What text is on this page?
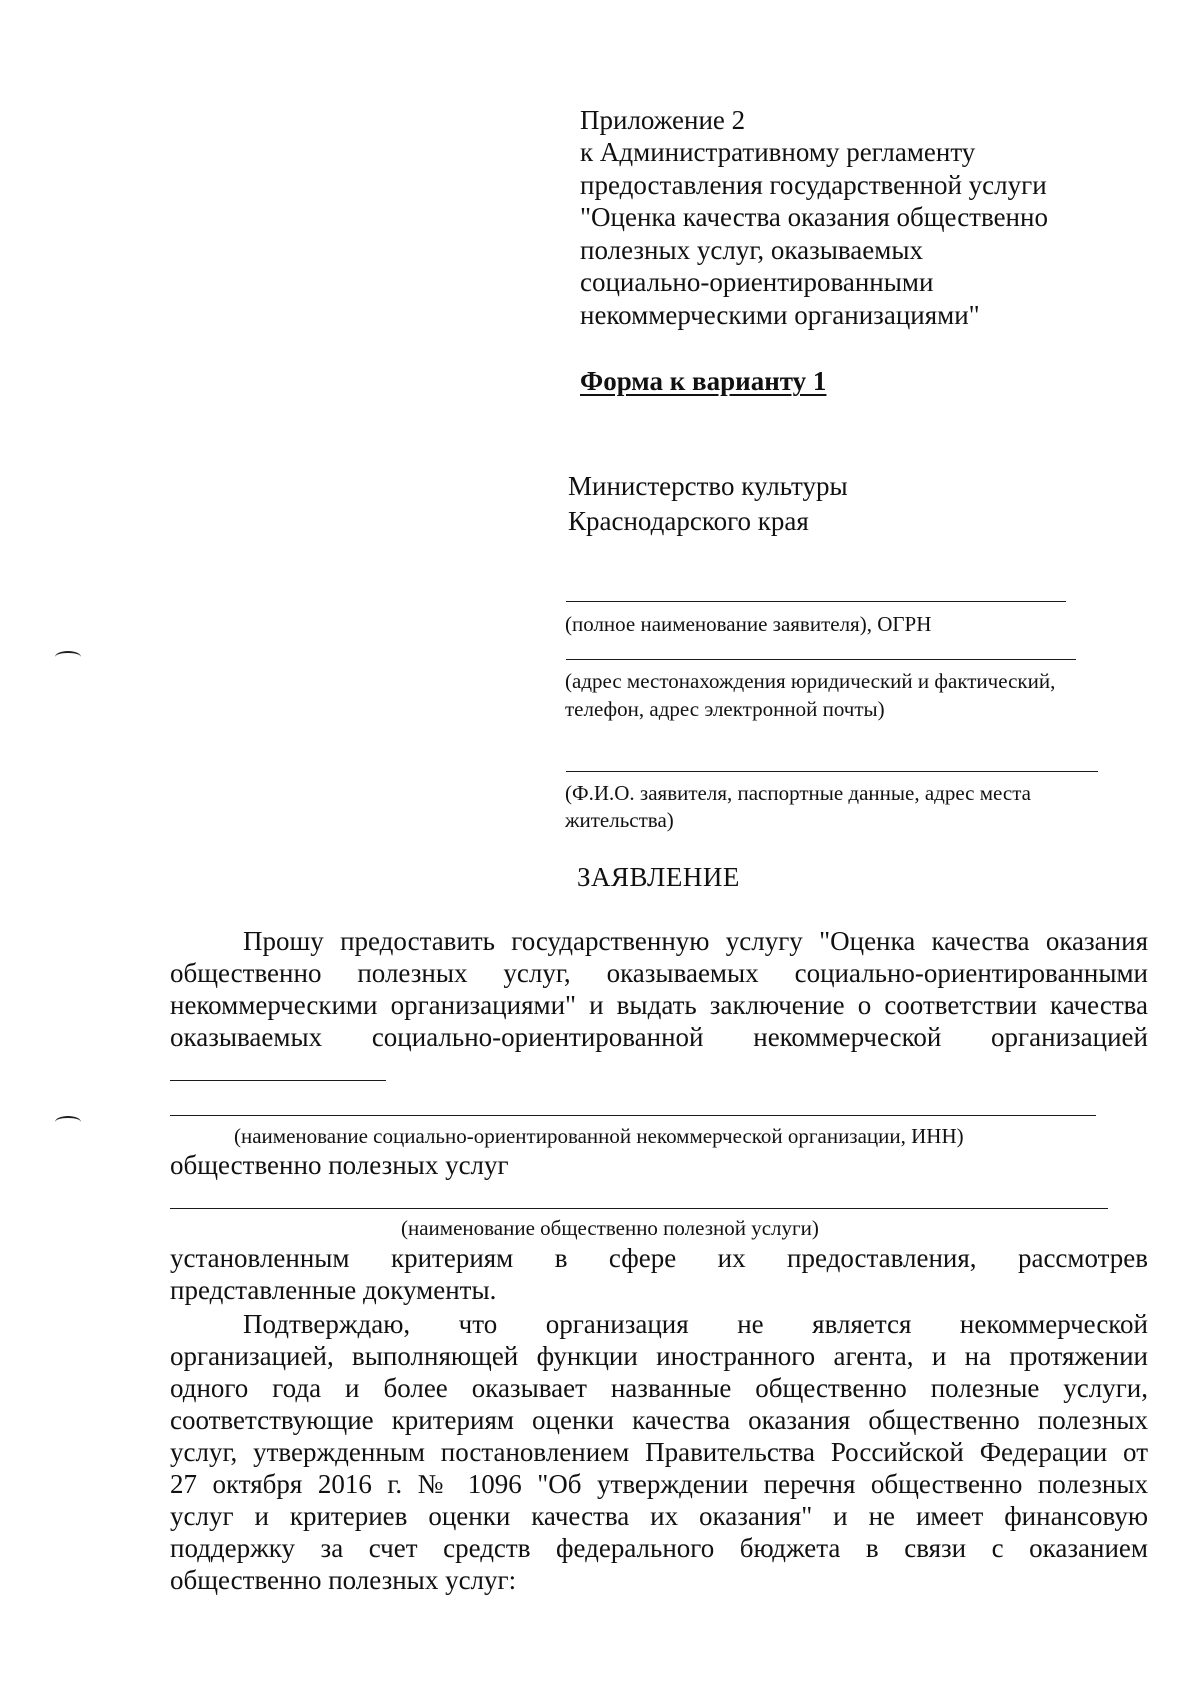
Приложение 2
к Административному регламенту
предоставления государственной услуги
"Оценка качества оказания общественно
полезных услуг, оказываемых
социально-ориентированными
некоммерческими организациями"
Форма к варианту 1
Министерство культуры
Краснодарского края
(полное наименование заявителя), ОГРН
(адрес местонахождения юридический и фактический,
телефон, адрес электронной почты)
(Ф.И.О. заявителя, паспортные данные, адрес места
жительства)
ЗАЯВЛЕНИЕ
Прошу предоставить государственную услугу "Оценка качества оказания
общественно полезных услуг, оказываемых социально-ориентированными
некоммерческими организациями" и выдать заключение о соответствии качества
оказываемых социально-ориентированной некоммерческой организацией
(наименование социально-ориентированной некоммерческой организации, ИНН)
общественно полезных услуг
(наименование общественно полезной услуги)
установленным критериям в сфере их предоставления, рассмотрев
представленные документы.
Подтверждаю, что организация не является некоммерческой
организацией, выполняющей функции иностранного агента, и на протяжении
одного года и более оказывает названные общественно полезные услуги,
соответствующие критериям оценки качества оказания общественно полезных
услуг, утвержденным постановлением Правительства Российской Федерации от
27 октября 2016 г. № 1096 "Об утверждении перечня общественно полезных
услуг и критериев оценки качества их оказания" и не имеет финансовую
поддержку за счет средств федерального бюджета в связи с оказанием
общественно полезных услуг:
